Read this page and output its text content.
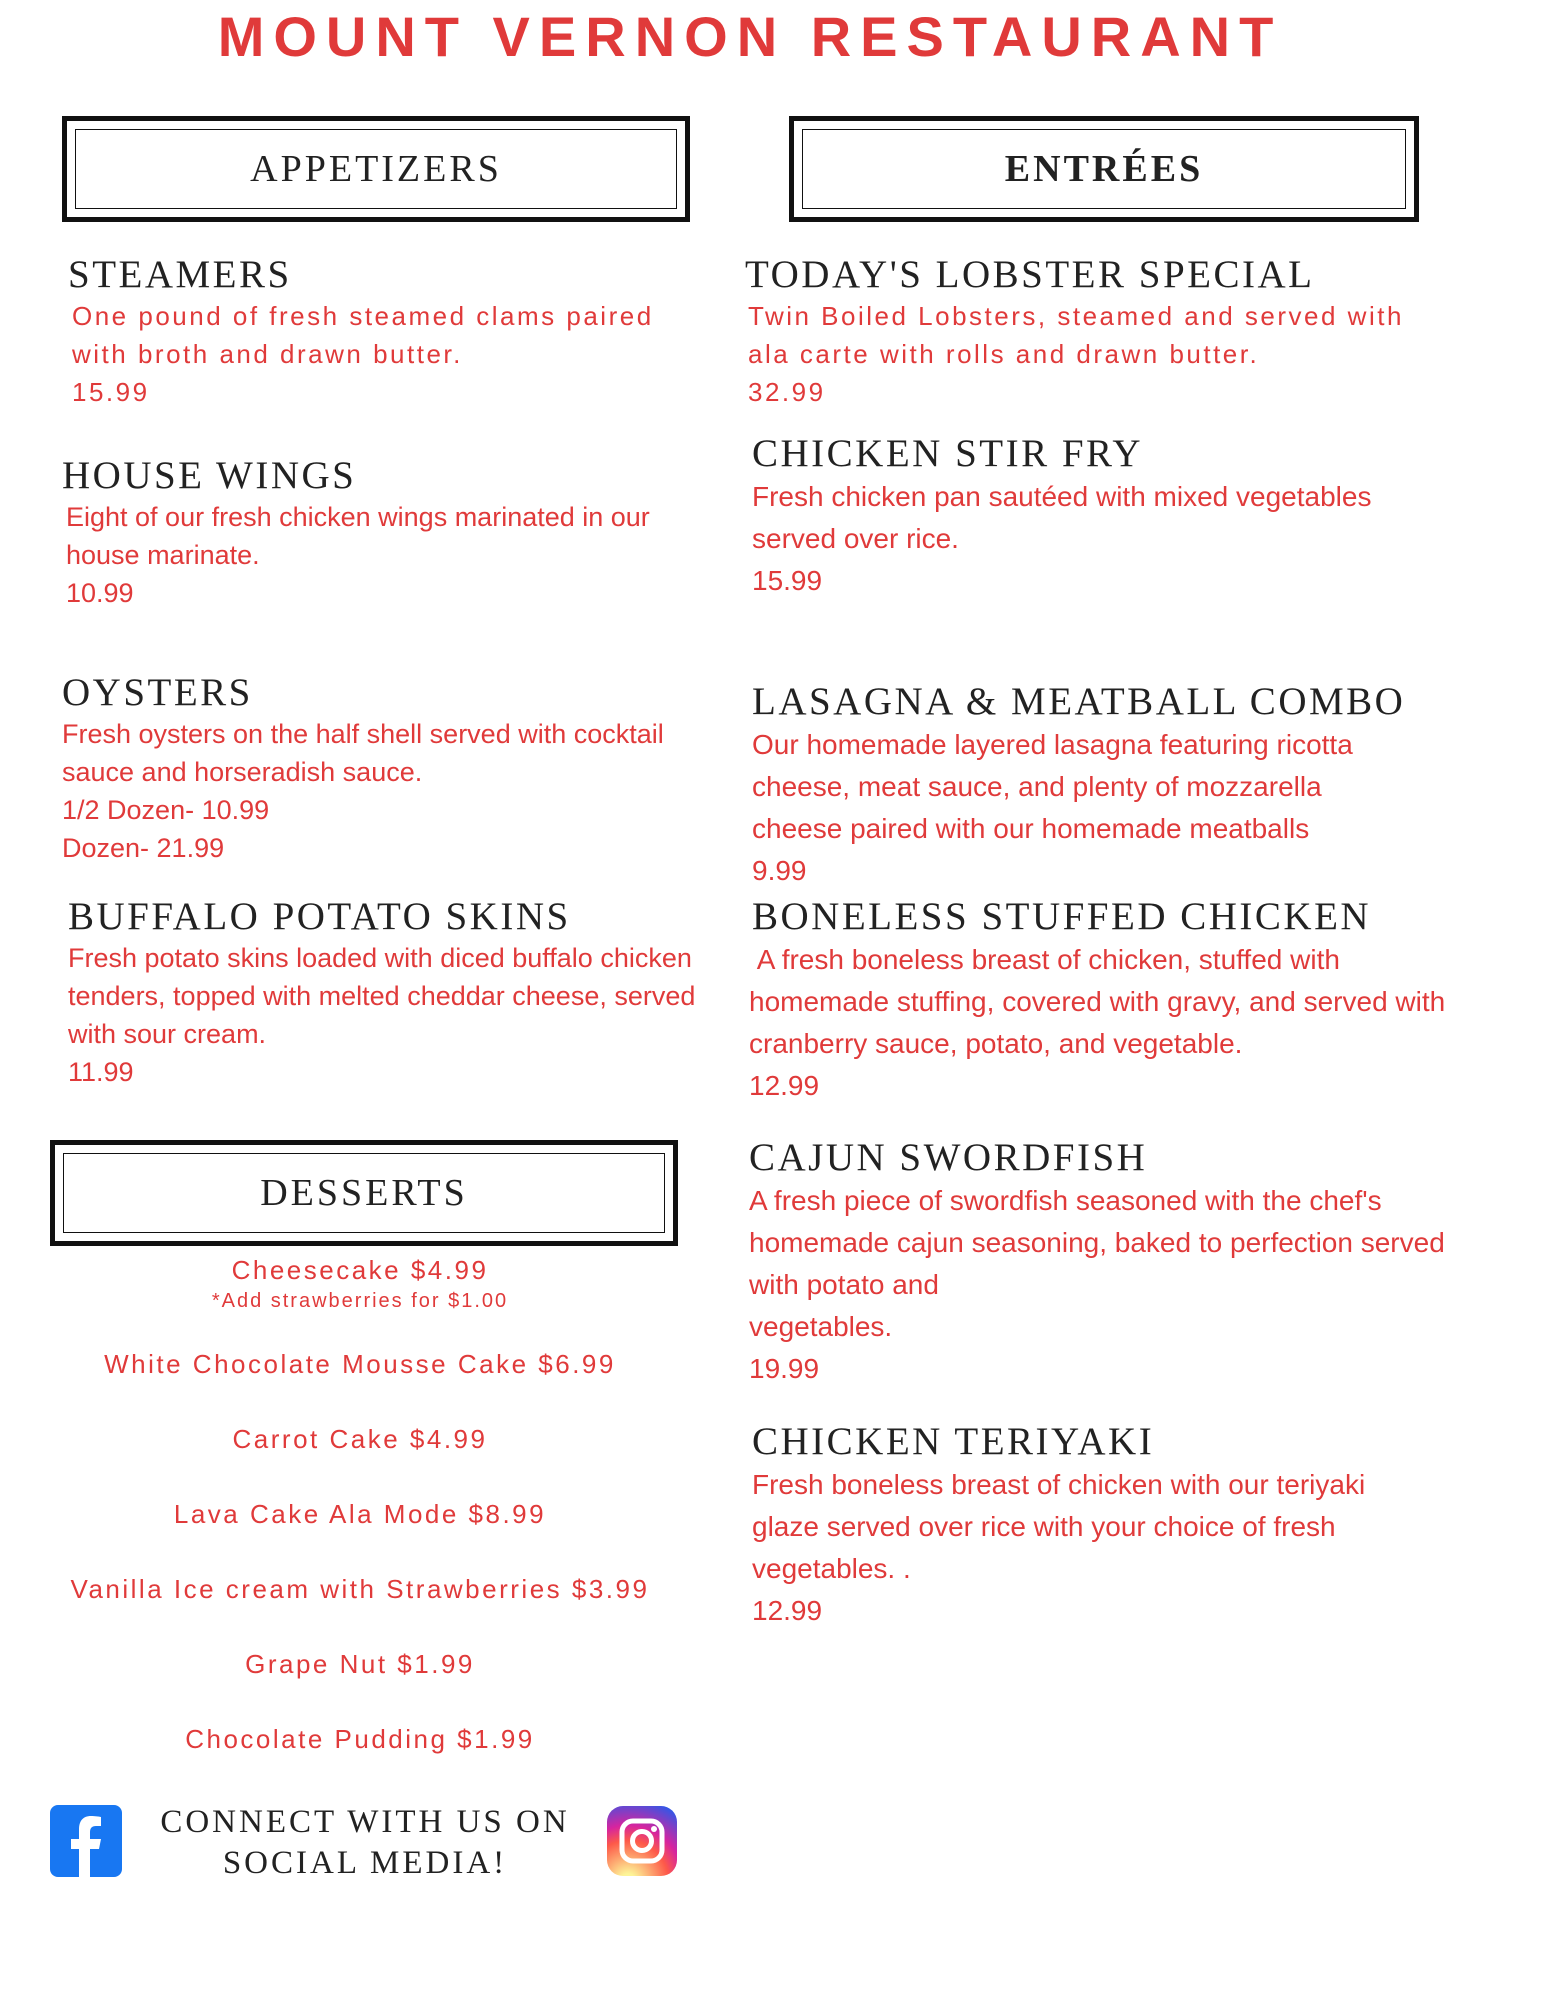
MOUNT VERNON RESTAURANT
APPETIZERS	ENTRÉES
DESSERTS
STEAMERS
One pound of fresh steamed clams paired with broth and drawn butter.
15.99
HOUSE WINGS
Eight of our fresh chicken wings marinated in our house marinate.
10.99
OYSTERS
Fresh oysters on the half shell served with cocktail sauce and horseradish sauce.
1/2 Dozen- 10.99
Dozen- 21.99
BUFFALO POTATO SKINS
Fresh potato skins loaded with diced buffalo chicken tenders, topped with melted cheddar cheese, served with sour cream.
11.99
TODAY'S LOBSTER SPECIAL
Twin Boiled Lobsters, steamed and served with ala carte with rolls and drawn butter.
32.99
CHICKEN STIR FRY
Fresh chicken pan sautéed with mixed vegetables served over rice.
15.99
LASAGNA & MEATBALL COMBO
Our homemade layered lasagna featuring ricotta cheese, meat sauce, and plenty of mozzarella cheese paired with our homemade meatballs
9.99
BONELESS STUFFED CHICKEN
A fresh boneless breast of chicken, stuffed with homemade stuffing, covered with gravy, and served with cranberry sauce, potato, and vegetable.
12.99
CAJUN SWORDFISH
A fresh piece of swordfish seasoned with the chef's homemade cajun seasoning, baked to perfection served with potato and
vegetables.
19.99
CHICKEN TERIYAKI
Fresh boneless breast of chicken with our teriyaki glaze served over rice with your choice of fresh vegetables. .
12.99
Cheesecake $4.99
*Add strawberries for $1.00
White Chocolate Mousse Cake $6.99
Carrot Cake $4.99
Lava Cake Ala Mode $8.99
Vanilla Ice cream with Strawberries $3.99
Grape Nut $1.99
Chocolate Pudding $1.99
CONNECT WITH US ON
SOCIAL MEDIA!
